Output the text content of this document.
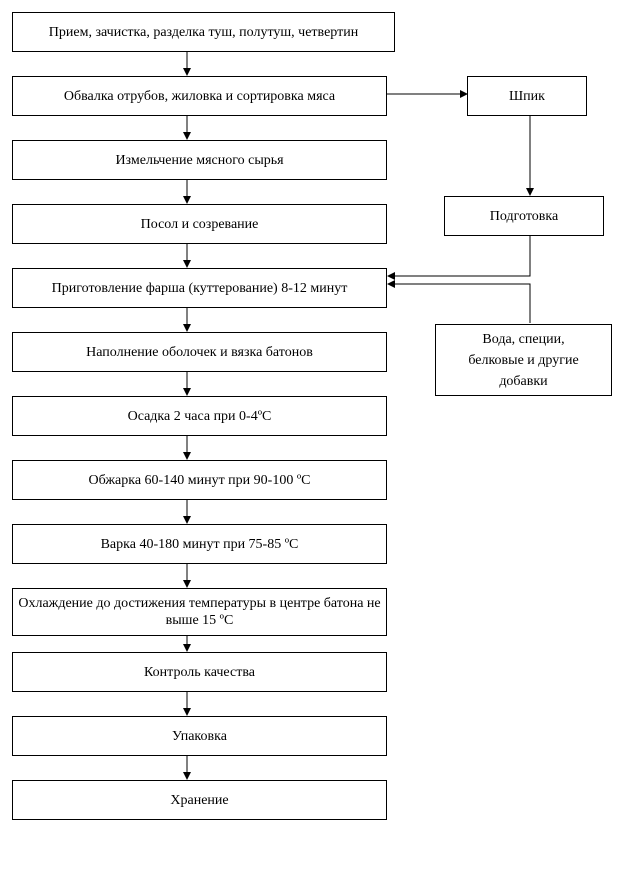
Прием, зачистка, разделка туш, полутуш, четвертин
Обвалка отрубов, жиловка и сортировка мяса
Измельчение мясного сырья
Посол и созревание
Приготовление фарша (куттерование) 8-12 минут
Наполнение оболочек и вязка батонов
Осадка 2 часа при 0-4ºС
Обжарка 60-140 минут при 90-100 ºС
Варка 40-180 минут при 75-85 ºС
Охлаждение до достижения температуры в центре батона не выше 15 ºС
Контроль качества
Упаковка
Хранение
Шпик
Подготовка
Вода, специи, белковые и другие добавки
